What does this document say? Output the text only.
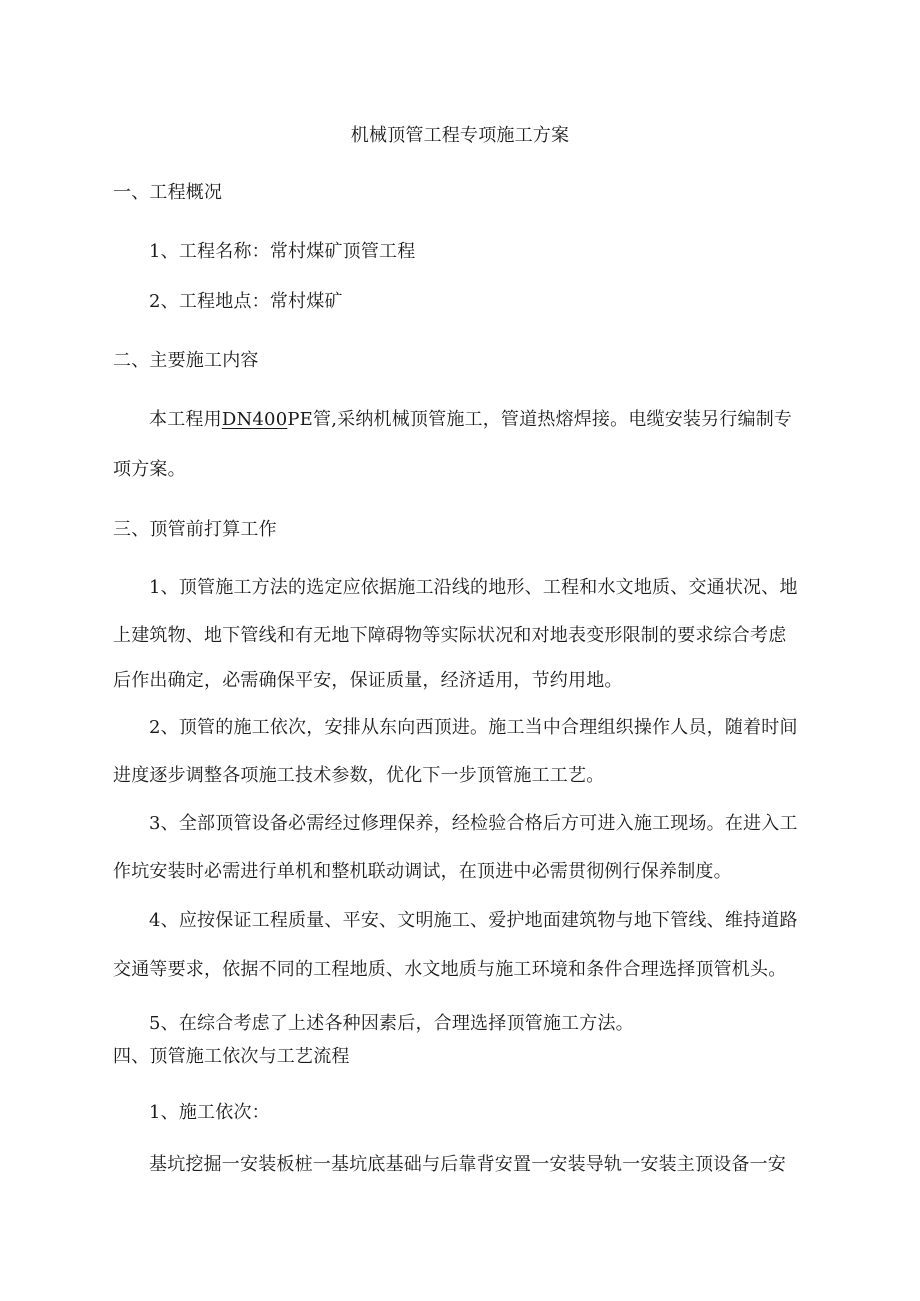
机械顶管工程专项施工方案
一、工程概况
1、工程名称：常村煤矿顶管工程
2、工程地点：常村煤矿
二、主要施工内容
本工程用DN400PE管,采纳机械顶管施工，管道热熔焊接。电缆安装另行编制专
项方案。
三、顶管前打算工作
1、顶管施工方法的选定应依据施工沿线的地形、工程和水文地质、交通状况、地
上建筑物、地下管线和有无地下障碍物等实际状况和对地表变形限制的要求综合考虑
后作出确定，必需确保平安，保证质量，经济适用，节约用地。
2、顶管的施工依次，安排从东向西顶进。施工当中合理组织操作人员，随着时间
进度逐步调整各项施工技术参数，优化下一步顶管施工工艺。
3、全部顶管设备必需经过修理保养，经检验合格后方可进入施工现场。在进入工
作坑安装时必需进行单机和整机联动调试，在顶进中必需贯彻例行保养制度。
4、应按保证工程质量、平安、文明施工、爱护地面建筑物与地下管线、维持道路
交通等要求，依据不同的工程地质、水文地质与施工环境和条件合理选择顶管机头。
5、在综合考虑了上述各种因素后，合理选择顶管施工方法。
四、顶管施工依次与工艺流程
1、施工依次：
基坑挖掘一安装板桩一基坑底基础与后靠背安置一安装导轨一安装主顶设备一安
